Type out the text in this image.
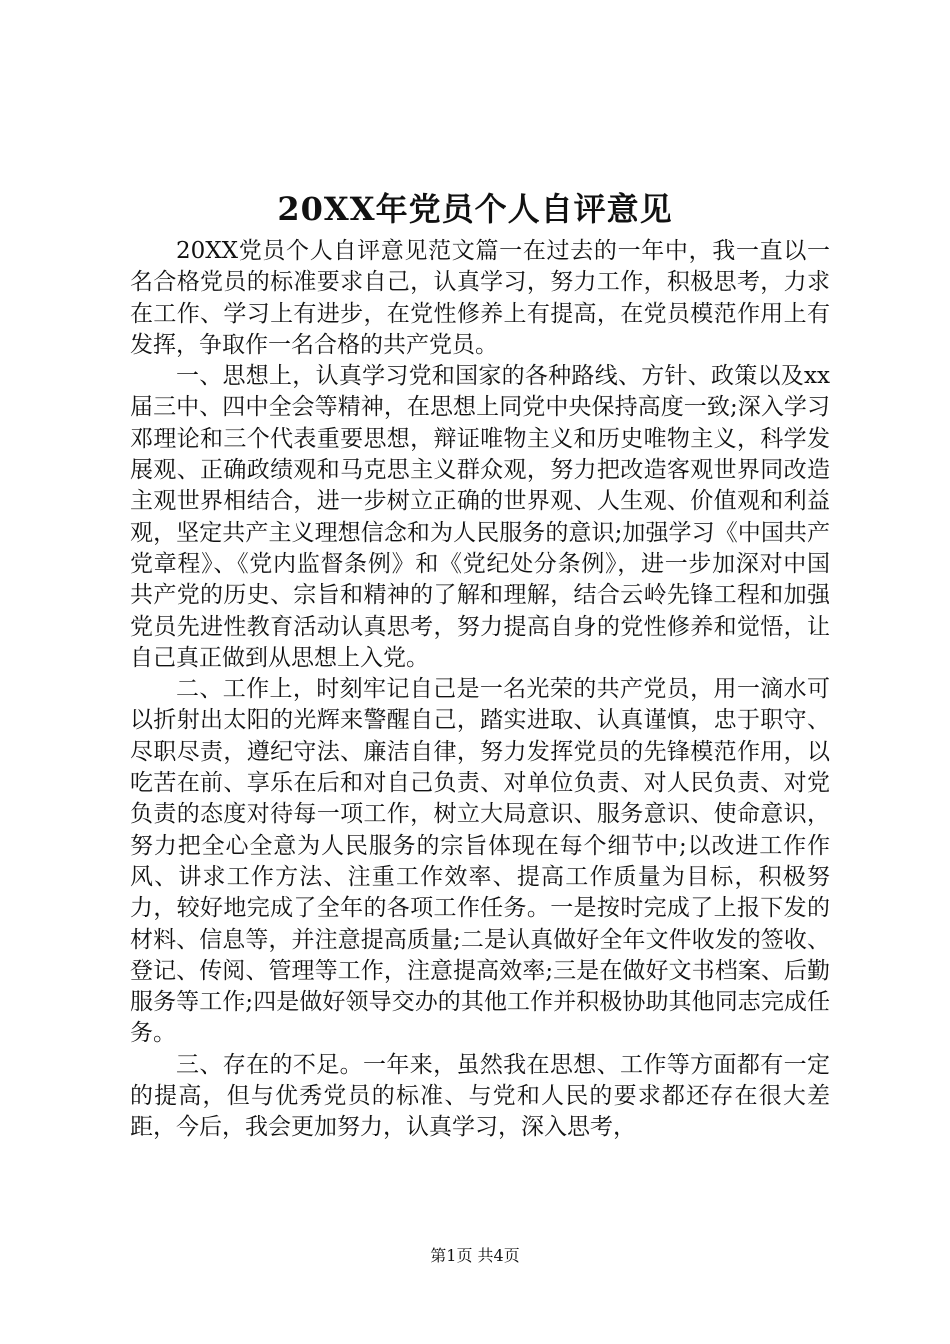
20XX年党员个人自评意见

20XX党员个人自评意见范文篇一在过去的一年中，我一直以一名合格党员的标准要求自己，认真学习，努力工作，积极思考，力求在工作、学习上有进步，在党性修养上有提高，在党员模范作用上有发挥，争取作一名合格的共产党员。

一、思想上，认真学习党和国家的各种路线、方针、政策以及xx届三中、四中全会等精神，在思想上同党中央保持高度一致;深入学习邓理论和三个代表重要思想，辩证唯物主义和历史唯物主义，科学发展观、正确政绩观和马克思主义群众观，努力把改造客观世界同改造主观世界相结合，进一步树立正确的世界观、人生观、价值观和利益观，坚定共产主义理想信念和为人民服务的意识;加强学习《中国共产党章程》、《党内监督条例》和《党纪处分条例》，进一步加深对中国共产党的历史、宗旨和精神的了解和理解，结合云岭先锋工程和加强党员先进性教育活动认真思考，努力提高自身的党性修养和觉悟，让自己真正做到从思想上入党。

二、工作上，时刻牢记自己是一名光荣的共产党员，用一滴水可以折射出太阳的光辉来警醒自己，踏实进取、认真谨慎，忠于职守、尽职尽责，遵纪守法、廉洁自律，努力发挥党员的先锋模范作用，以吃苦在前、享乐在后和对自己负责、对单位负责、对人民负责、对党负责的态度对待每一项工作，树立大局意识、服务意识、使命意识，努力把全心全意为人民服务的宗旨体现在每个细节中;以改进工作作风、讲求工作方法、注重工作效率、提高工作质量为目标，积极努力，较好地完成了全年的各项工作任务。一是按时完成了上报下发的材料、信息等，并注意提高质量;二是认真做好全年文件收发的签收、登记、传阅、管理等工作，注意提高效率;三是在做好文书档案、后勤服务等工作;四是做好领导交办的其他工作并积极协助其他同志完成任务。

三、存在的不足。一年来，虽然我在思想、工作等方面都有一定的提高，但与优秀党员的标准、与党和人民的要求都还存在很大差距，今后，我会更加努力，认真学习，深入思考，

第1页 共4页
